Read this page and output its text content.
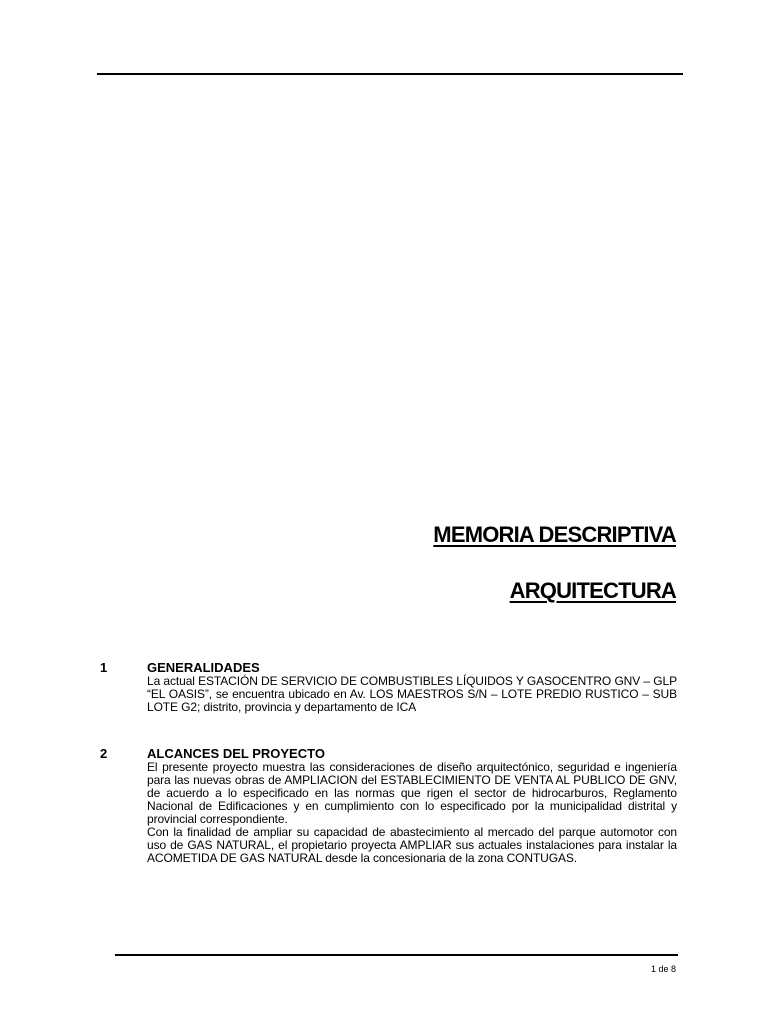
MEMORIA DESCRIPTIVA
ARQUITECTURA
1	GENERALIDADES

La actual ESTACIÓN DE SERVICIO DE COMBUSTIBLES LÍQUIDOS Y GASOCENTRO GNV – GLP “EL OASIS”, se encuentra ubicado en Av. LOS MAESTROS S/N – LOTE PREDIO RUSTICO – SUB LOTE G2; distrito, provincia y departamento de ICA

2	ALCANCES DEL PROYECTO

El presente proyecto muestra las consideraciones de diseño arquitectónico, seguridad e ingeniería para las nuevas obras de AMPLIACION del ESTABLECIMIENTO DE VENTA AL PUBLICO DE GNV, de acuerdo a lo especificado en las normas que rigen el sector de hidrocarburos, Reglamento Nacional de Edificaciones y en cumplimiento con lo especificado por la municipalidad distrital y provincial correspondiente.

Con la finalidad de ampliar su capacidad de abastecimiento al mercado del parque automotor con uso de GAS NATURAL, el propietario proyecta AMPLIAR sus actuales instalaciones para instalar la ACOMETIDA DE GAS NATURAL desde la concesionaria de la zona CONTUGAS.

1 de 8
